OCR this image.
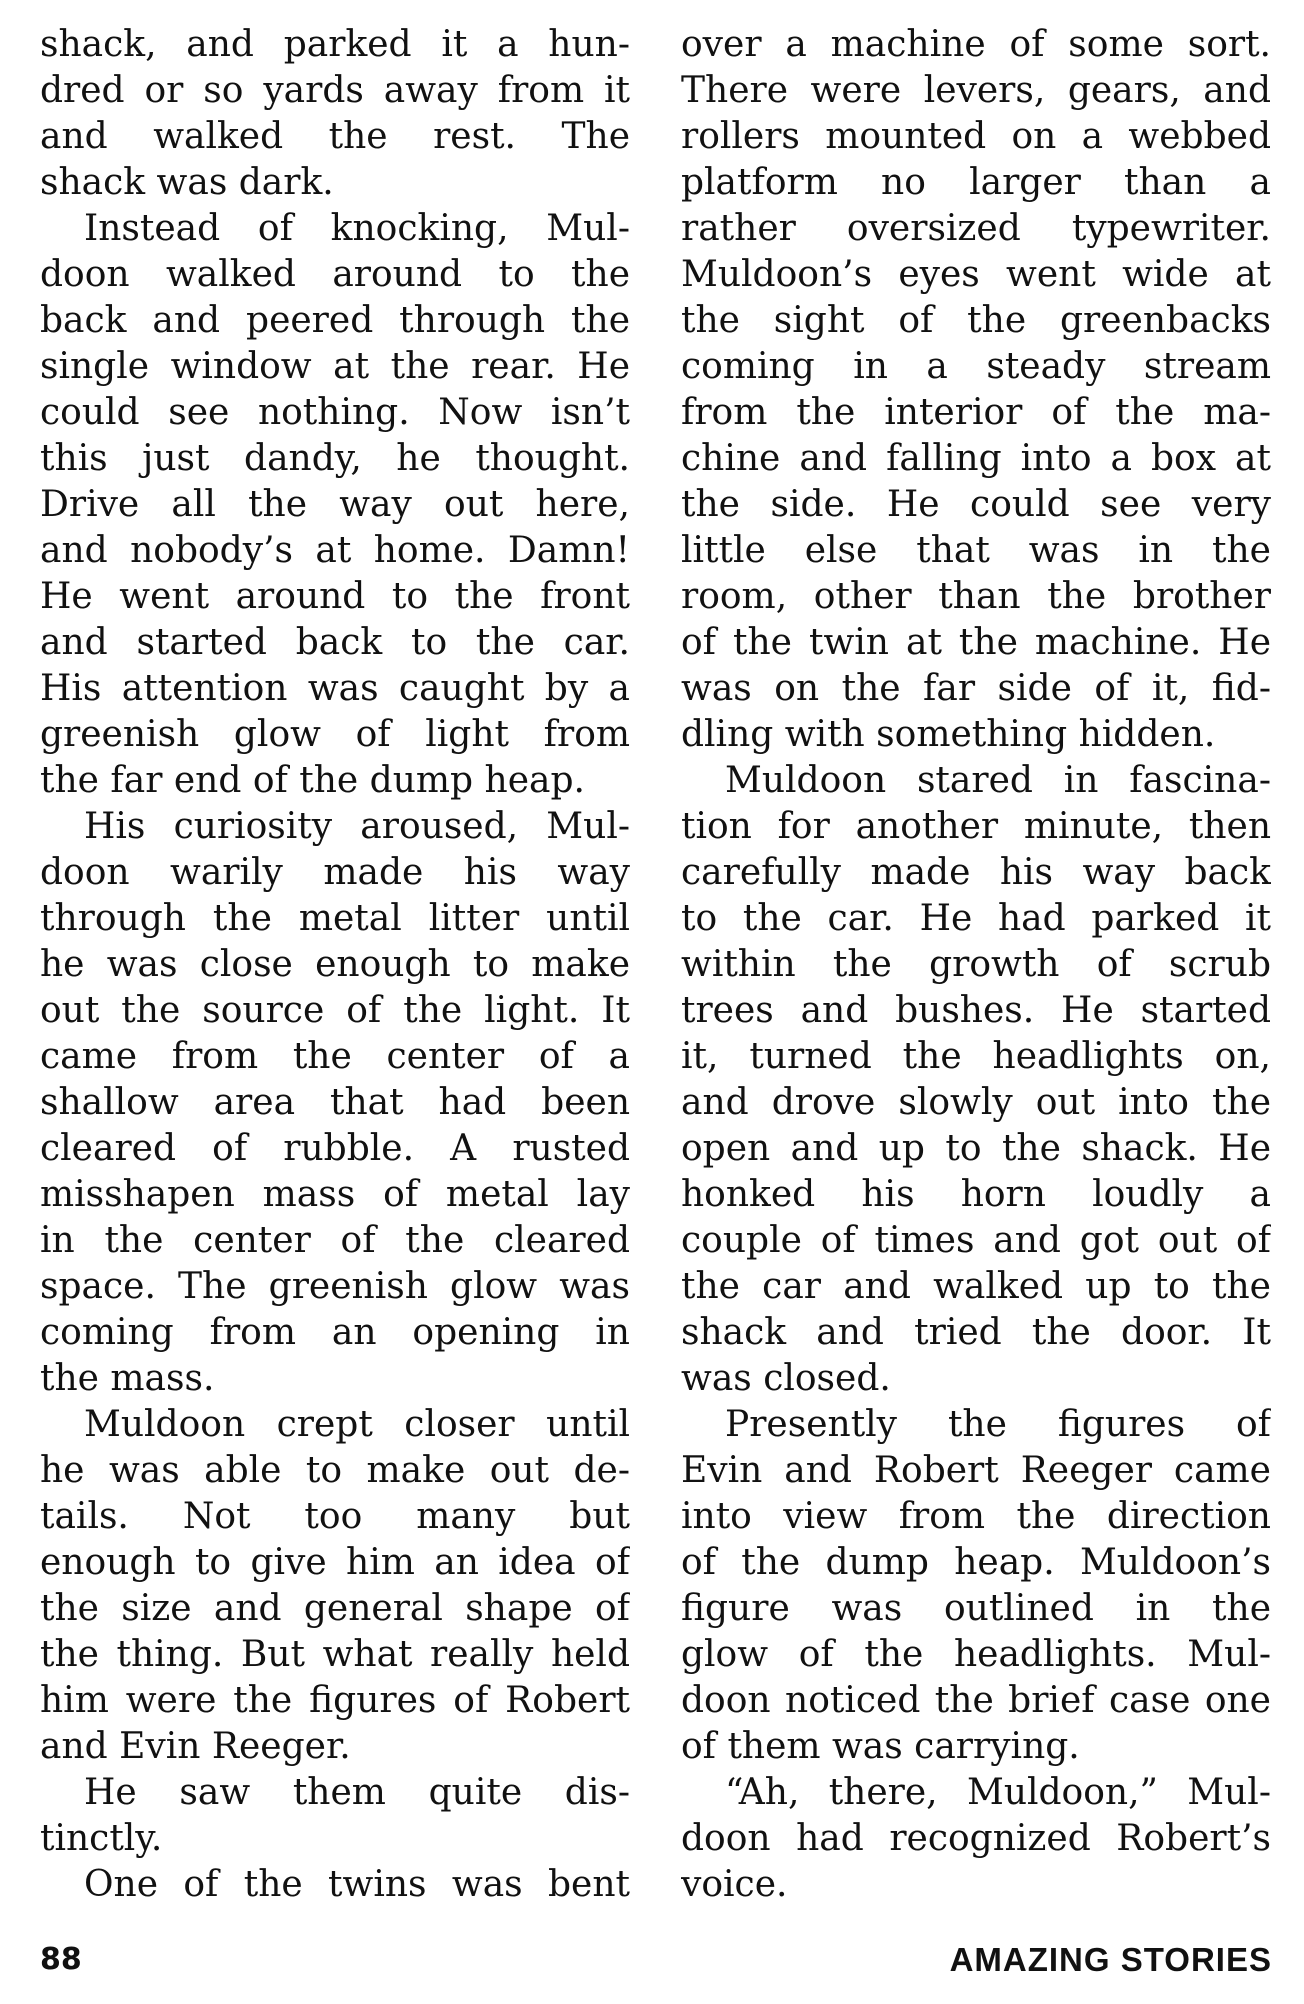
shack, and parked it a hun-
dred or so yards away from it
and walked the rest. The
shack was dark.
Instead of knocking, Mul-
doon walked around to the
back and peered through the
single window at the rear. He
could see nothing. Now isn’t
this just dandy, he thought.
Drive all the way out here,
and nobody’s at home. Damn!
He went around to the front
and started back to the car.
His attention was caught by a
greenish glow of light from
the far end of the dump heap.
His curiosity aroused, Mul-
doon warily made his way
through the metal litter until
he was close enough to make
out the source of the light. It
came from the center of a
shallow area that had been
cleared of rubble. A rusted
misshapen mass of metal lay
in the center of the cleared
space. The greenish glow was
coming from an opening in
the mass.
Muldoon crept closer until
he was able to make out de-
tails. Not too many but
enough to give him an idea of
the size and general shape of
the thing. But what really held
him were the figures of Robert
and Evin Reeger.
He saw them quite dis-
tinctly.
One of the twins was bent
over a machine of some sort.
There were levers, gears, and
rollers mounted on a webbed
platform no larger than a
rather oversized typewriter.
Muldoon’s eyes went wide at
the sight of the greenbacks
coming in a steady stream
from the interior of the ma-
chine and falling into a box at
the side. He could see very
little else that was in the
room, other than the brother
of the twin at the machine. He
was on the far side of it, fid-
dling with something hidden.
Muldoon stared in fascina-
tion for another minute, then
carefully made his way back
to the car. He had parked it
within the growth of scrub
trees and bushes. He started
it, turned the headlights on,
and drove slowly out into the
open and up to the shack. He
honked his horn loudly a
couple of times and got out of
the car and walked up to the
shack and tried the door. It
was closed.
Presently the figures of
Evin and Robert Reeger came
into view from the direction
of the dump heap. Muldoon’s
figure was outlined in the
glow of the headlights. Mul-
doon noticed the brief case one
of them was carrying.
“Ah, there, Muldoon,” Mul-
doon had recognized Robert’s
voice.
88	AMAZING STORIES
